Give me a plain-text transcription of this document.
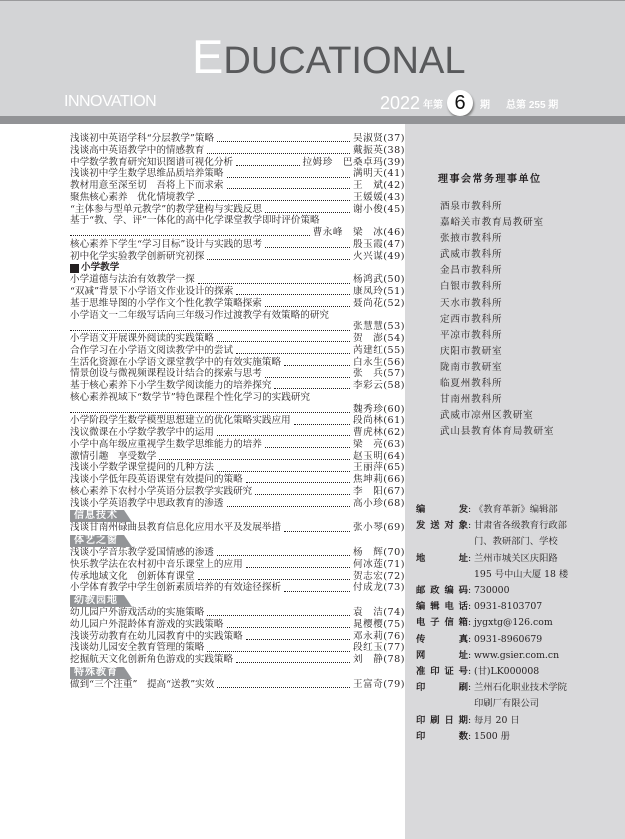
EDUCATIONAL
INNOVATION	2022 年第 6	期 总第 255 期
浅谈初中英语学科“分层教学”策略	吴淑贤(37)
浅谈高中英语教学中的情感教育	戴振英(38)
中学数学教育研究知识图谱可视化分析	拉姆珍　巴桑卓玛(39)
浅谈初中学生数学思维品质培养策略	满明天(41)
教材用意至深至切　吾将上下而求索	王　斌(42)
聚焦核心素养　优化情境教学	王媛媛(43)
“主体参与型单元教学”的教学建构与实践反思	谢小俊(45)
基于“教、学、评”一体化的高中化学课堂教学即时评价策略
曹永峰　梁　冰(46)
核心素养下学生“学习目标”设计与实践的思考	殷玉霞(47)
初中化学实验教学创新研究初探	火兴谋(49)
小学教学
小学道德与法治有效教学一探	杨鸿武(50)
“双减”背景下小学语文作业设计的探索	康凤玲(51)
基于思维导图的小学作文个性化教学策略探索	聂尚花(52)
小学语文一二年级写话向三年级习作过渡教学有效策略的研究
张慧慧(53)
小学语文开展课外阅读的实践策略	贺　澎(54)
合作学习在小学语文阅读教学中的尝试	芮建红(55)
生活化资源在小学语文课堂教学中的有效实施策略	白永生(56)
情景创设与微视频课程设计结合的探索与思考	张　兵(57)
基于核心素养下小学生数学阅读能力的培养探究	李彩云(58)
核心素养视域下“数学节”特色课程个性化学习的实践研究
魏秀珍(60)
小学阶段学生数学模型思想建立的优化策略实践应用	段尚林(61)
浅议微课在小学数学教学中的运用	曹虎林(62)
小学中高年级应重视学生数学思维能力的培养	梁　亮(63)
激情引趣　享受数学	赵玉明(64)
浅谈小学数学课堂提问的几种方法	王丽萍(65)
浅谈小学低年段英语课堂有效提问的策略	焦坤莉(66)
核心素养下农村小学英语分层教学实践研究	李　阳(67)
浅谈小学英语教学中思政教育的渗透	高小珍(68)
信息技术
浅谈甘南州碌曲县教育信息化应用水平及发展举措	张小琴(69)
体艺之窗
浅谈小学音乐教学爱国情感的渗透	杨　辉(70)
快乐教学法在农村初中音乐课堂上的应用	何冰莲(71)
传承地域文化　创新体育课堂	贺志宏(72)
小学体育教学中学生创新素质培养的有效途径探析	付成龙(73)
幼教园地
幼儿园户外游戏活动的实施策略	袁　洁(74)
幼儿园户外混龄体育游戏的实践策略	晁樱樱(75)
浅谈劳动教育在幼儿园教育中的实践策略	邓永莉(76)
浅谈幼儿园安全教育管理的策略	段红玉(77)
挖掘航天文化创新角色游戏的实践策略	刘　静(78)
特殊教育
做到“三个注重”　提高“送教”实效	王富奇(79)
理事会常务理事单位
酒泉市教科所
嘉峪关市教育局教研室
张掖市教科所
武威市教科所
金昌市教科所
白银市教科所
天水市教科所
定西市教科所
平凉市教科所
庆阳市教研室
陇南市教研室
临夏州教科所
甘南州教科所
武威市凉州区教研室
武山县教育体育局教研室
编	发 : 《教育革新》编辑部
发 送 对 象 : 甘肃省各级教育行政部
门、教研部门、学校
地	址 : 兰州市城关区庆阳路
195 号中山大厦 18 楼
邮 政 编 码 : 730000
编 辑 电 话 : 0931-8103707
电 子 信 箱 : jygxtg@126.com
传	真 : 0931-8960679
网	址 : www.gsier.com.cn
准 印 证 号 : (甘)LK000008
印	刷 : 兰州石化职业技术学院
印刷厂有限公司
印 刷 日 期 : 每月 20 日
印	数 : 1500 册
